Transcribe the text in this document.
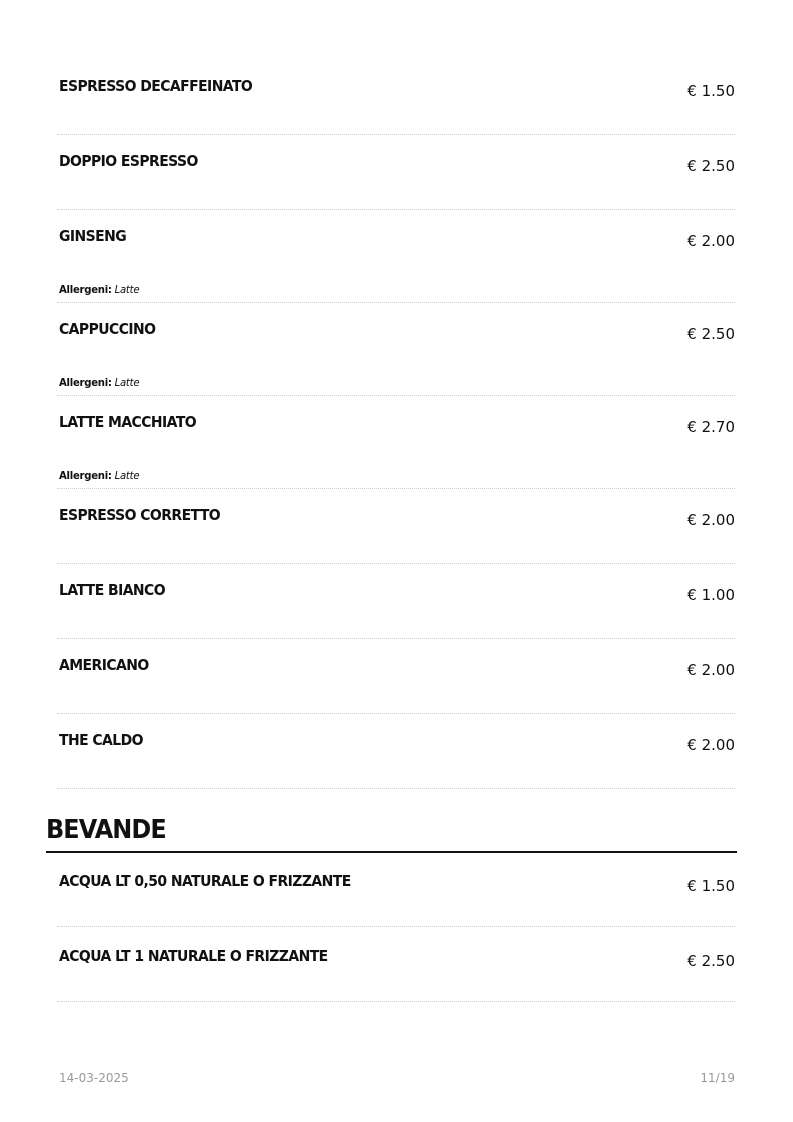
ESPRESSO DECAFFEINATO	€ 1.50
DOPPIO ESPRESSO	€ 2.50
GINSENG	€ 2.00
Allergeni: Latte
CAPPUCCINO	€ 2.50
Allergeni: Latte
LATTE MACCHIATO	€ 2.70
Allergeni: Latte
ESPRESSO CORRETTO	€ 2.00
LATTE BIANCO	€ 1.00
AMERICANO	€ 2.00
THE CALDO	€ 2.00
BEVANDE
ACQUA LT 0,50 NATURALE O FRIZZANTE	€ 1.50
ACQUA LT 1 NATURALE O FRIZZANTE	€ 2.50
14-03-2025	11/19
